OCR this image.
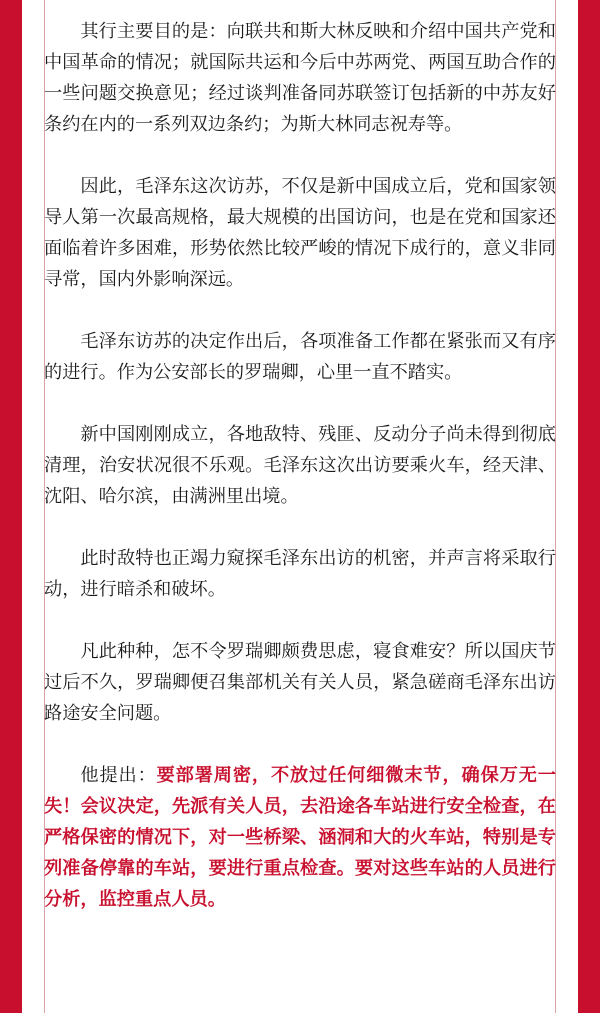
其行主要目的是：向联共和斯大林反映和介绍中国共产党和中国革命的情况；就国际共运和今后中苏两党、两国互助合作的一些问题交换意见；经过谈判准备同苏联签订包括新的中苏友好条约在内的一系列双边条约；为斯大林同志祝寿等。

因此，毛泽东这次访苏，不仅是新中国成立后，党和国家领导人第一次最高规格，最大规模的出国访问，也是在党和国家还面临着许多困难，形势依然比较严峻的情况下成行的，意义非同寻常，国内外影响深远。

毛泽东访苏的决定作出后，各项准备工作都在紧张而又有序的进行。作为公安部长的罗瑞卿，心里一直不踏实。

新中国刚刚成立，各地敌特、残匪、反动分子尚未得到彻底清理，治安状况很不乐观。毛泽东这次出访要乘火车，经天津、沈阳、哈尔滨，由满洲里出境。

此时敌特也正竭力窥探毛泽东出访的机密，并声言将采取行动，进行暗杀和破坏。

凡此种种，怎不令罗瑞卿颇费思虑，寝食难安？所以国庆节过后不久，罗瑞卿便召集部机关有关人员，紧急磋商毛泽东出访路途安全问题。

他提出：要部署周密，不放过任何细微末节，确保万无一失！会议决定，先派有关人员，去沿途各车站进行安全检查，在严格保密的情况下，对一些桥梁、涵洞和大的火车站，特别是专列准备停靠的车站，要进行重点检查。要对这些车站的人员进行分析，监控重点人员。
